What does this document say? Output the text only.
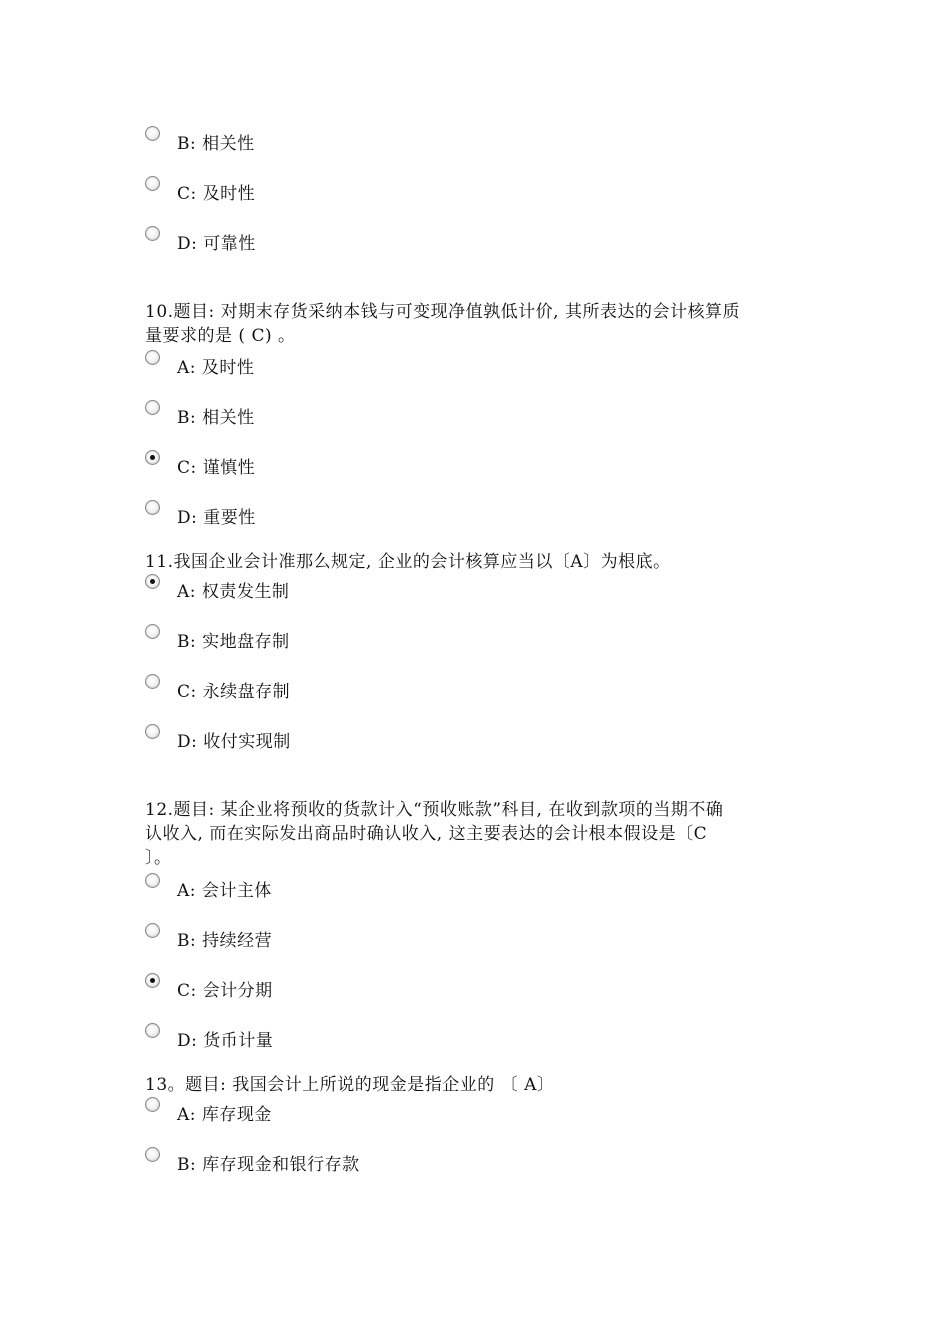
B: 相关性
C: 及时性
D: 可靠性

10.题目: 对期末存货采纳本钱与可变现净值孰低计价, 其所表达的会计核算质
量要求的是 ( C) 。

A: 及时性
B: 相关性
C: 谨慎性
D: 重要性

11.我国企业会计准那么规定, 企业的会计核算应当以〔A〕为根底。

A: 权责发生制
B: 实地盘存制
C: 永续盘存制
D: 收付实现制

12.题目: 某企业将预收的货款计入“预收账款”科目, 在收到款项的当期不确
认收入, 而在实际发出商品时确认收入, 这主要表达的会计根本假设是〔C
〕。

A: 会计主体
B: 持续经营
C: 会计分期
D: 货币计量

13。题目: 我国会计上所说的现金是指企业的 〔 A〕

A: 库存现金
B: 库存现金和银行存款
